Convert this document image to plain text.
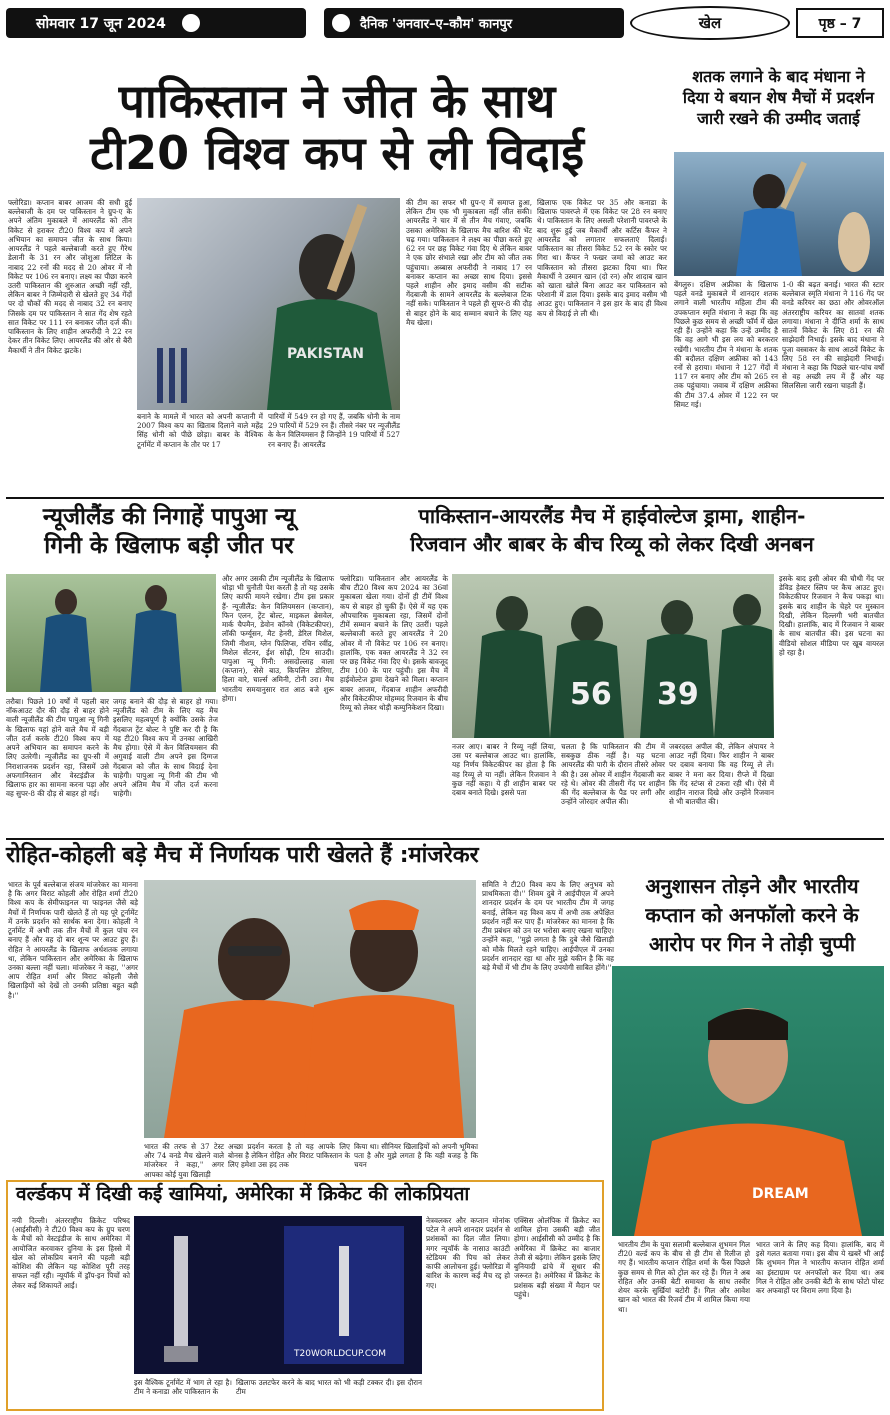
सोमवार 17 जून 2024	दैनिक 'अनवार–ए–कौम' कानपुर	खेल	पृष्ठ – 7
पाकिस्तान ने जीत के साथ
टी20 विश्व कप से ली विदाई
फ्लोरिडा। कप्तान बाबर आजम की सधी हुई बल्लेबाजी के दम पर पाकिस्तान ने ग्रुप-ए के अपने अंतिम मुकाबले में आयरलैंड को तीन विकेट से हराकर टी20 विश्व कप में अपने अभियान का समापन जीत के साथ किया। आयरलैंड ने पहले बल्लेबाजी करते हुए गैरेथ डेलानी के 31 रन और जोशुआ लिटिल के नाबाद 22 रनों की मदद से 20 ओवर में नौ विकेट पर 106 रन बनाए। लक्ष्य का पीछा करने उतरी पाकिस्तान की शुरुआत अच्छी नहीं रही, लेकिन बाबर ने जिम्मेदारी से खेलते हुए 34 गेंदों पर दो चौकों की मदद से नाबाद 32 रन बनाए जिसके दम पर पाकिस्तान ने सात गेंद शेष रहते सात विकेट पर 111 रन बनाकर जीत दर्ज की। पाकिस्तान के लिए शाहीन अफरीदी ने 22 रन देकर तीन विकेट लिए। आयरलैंड की ओर से बैरी मैकार्थी ने तीन विकेट झटके।	PAKISTAN
बनाने के मामले में भारत को अपनी कप्तानी में 2007 विश्व कप का खिताब दिलाने वाले महेंद्र सिंह धोनी को पीछे छोड़ा। बाबर के वैश्विक टूर्नामेंट में कप्तान के तौर पर 17
पारियों में 549 रन हो गए हैं, जबकि धोनी के नाम 29 पारियों में 529 रन हैं। तीसरे नंबर पर न्यूजीलैंड के केन विलियमसन हैं जिन्होंने 19 पारियों में 527 रन बनाए हैं। आयरलैंड
की टीम का सफर भी ग्रुप-ए में समाप्त हुआ, लेकिन टीम एक भी मुकाबला नहीं जीत सकी। आयरलैंड ने चार में से तीन मैच गंवाए, जबकि उसका अमेरिका के खिलाफ मैच बारिश की भेंट चढ़ गया। पाकिस्तान ने लक्ष्य का पीछा करते हुए 62 रन पर छह विकेट गंवा दिए थे लेकिन बाबर ने एक छोर संभाले रखा और टीम को जीत तक पहुंचाया। अब्बास अफरीदी ने नाबाद 17 रन बनाकर कप्तान का अच्छा साथ दिया। इससे पहले शाहीन और इमाद वसीम की सटीक गेंदबाजी के सामने आयरलैंड के बल्लेबाज टिक नहीं सके। पाकिस्तान ने पहले ही सुपर-8 की दौड़ से बाहर होने के बाद सम्मान बचाने के लिए यह मैच खेला।
खिलाफ एक विकेट पर 35 और कनाडा के खिलाफ पावरप्ले में एक विकेट पर 28 रन बनाए थे। पाकिस्तान के लिए असली परेशानी पावरप्ले के बाद शुरू हुई जब मैकार्थी और कर्टिस कैंफर ने आयरलैंड को लगातार सफलताएं दिलाईं। पाकिस्तान का तीसरा विकेट 52 रन के स्कोर पर गिरा था। कैंफर ने फखर जमां को आउट कर पाकिस्तान को तीसरा झटका दिया था। फिर मैकार्थी ने उस्मान खान (दो रन) और शादाब खान को खाता खोले बिना आउट कर पाकिस्तान को परेशानी में डाल दिया। इसके बाद इमाद वसीम भी आउट हुए। पाकिस्तान ने इस हार के बाद ही विश्व कप से विदाई ले ली थी।
शतक लगाने के बाद मंधाना ने
दिया ये बयान शेष मैचों में प्रदर्शन
जारी रखने की उम्मीद जताई
बेंगलुरु। दक्षिण अफ्रीका के खिलाफ पहले वनडे मुकाबले में शानदार शतक लगाने वाली भारतीय महिला टीम की उपकप्तान स्मृति मंधाना ने कहा कि वह पिछले कुछ समय से अच्छी फॉर्म में खेल रही हैं। उन्होंने कहा कि उन्हें उम्मीद है कि वह आगे भी इस लय को बरकरार रखेंगी। भारतीय टीम ने मंधाना के शतक की बदौलत दक्षिण अफ्रीका को 143 रनों से हराया। मंधाना ने 127 गेंदों में 117 रन बनाए और टीम को 265 रन तक पहुंचाया। जवाब में दक्षिण अफ्रीका की टीम 37.4 ओवर में 122 रन पर सिमट गई।
1-0 की बढ़त बनाई। भारत की स्टार बल्लेबाज स्मृति मंधाना ने 116 गेंद पर वनडे करियर का छठा और ओवरऑल अंतरराष्ट्रीय करियर का सातवां शतक लगाया। मंधाना ने दीप्ति शर्मा के साथ सातवें विकेट के लिए 81 रन की साझेदारी निभाई। इसके बाद मंधाना ने पूजा वस्त्राकर के साथ आठवें विकेट के लिए 58 रन की साझेदारी निभाई। मंधाना ने कहा कि पिछले चार-पांच वर्षों से वह अच्छी लय में हैं और यह सिलसिला जारी रखना चाहती हैं।
न्यूजीलैंड की निगाहें पापुआ न्यू
गिनी के खिलाफ बड़ी जीत पर
तरौबा। पिछले 10 वर्षों में पहली बार नॉकआउट दौर की दौड़ से बाहर होने वाली न्यूजीलैंड की टीम पापुआ न्यू गिनी के खिलाफ यहां होने वाले मैच में बड़ी जीत दर्ज करके टी20 विश्व कप में अपने अभियान का समापन करने के लिए उतरेगी। न्यूजीलैंड का ग्रुप-सी में निराशाजनक प्रदर्शन रहा, जिसमें उसे अफगानिस्तान और वेस्टइंडीज के खिलाफ हार का सामना करना पड़ा और वह सुपर-8 की दौड़ से बाहर हो गई।
जगह बनाने की दौड़ से बाहर हो गया। न्यूजीलैंड को टीम के लिए यह मैच इसलिए महत्वपूर्ण है क्योंकि उसके तेज गेंदबाज ट्रेंट बोल्ट ने पुष्टि कर दी है कि यह टी20 विश्व कप में उनका आखिरी मैच होगा। ऐसे में केन विलियमसन की अगुवाई वाली टीम अपने इस दिग्गज गेंदबाज को जीत के साथ विदाई देना चाहेगी। पापुआ न्यू गिनी की टीम भी अपने अंतिम मैच में जीत दर्ज करना चाहेगी।
और अगर उसकी टीम न्यूजीलैंड के खिलाफ थोड़ा भी चुनौती पेश करती है तो यह उसके लिए काफी मायने रखेगा। टीम इस प्रकार हैं- न्यूजीलैंड: केन विलियमसन (कप्तान), फिन एलन, ट्रेंट बोल्ट, माइकल ब्रेसवेल, मार्क चैपमैन, डेवोन कॉनवे (विकेटकीपर), लॉकी फर्ग्यूसन, मैट हेनरी, डेरिल मिशेल, जिमी नीशम, ग्लेन फिलिप्स, रचिन रवींद्र, मिशेल सेंटनर, ईश सोढ़ी, टिम साउदी। पापुआ न्यू गिनी: असदोल्लाह वाला (कप्तान), सेसे बाउ, किपलिन डोरिगा, हिला वारे, चार्ल्स अमिनी, टोनी उरा। मैच भारतीय समयानुसार रात आठ बजे शुरू होगा।
पाकिस्तान-आयरलैंड मैच में हाईवोल्टेज ड्रामा, शाहीन-
रिजवान और बाबर के बीच रिव्यू को लेकर दिखी अनबन
फ्लोरिडा। पाकिस्तान और आयरलैंड के बीच टी20 विश्व कप 2024 का 36वां मुकाबला खेला गया। दोनों ही टीमें विश्व कप से बाहर हो चुकी हैं। ऐसे में यह एक औपचारिक मुकाबला रहा, जिसमें दोनों टीमें सम्मान बचाने के लिए उतरीं। पहले बल्लेबाजी करते हुए आयरलैंड ने 20 ओवर में नौ विकेट पर 106 रन बनाए। हालांकि, एक वक्त आयरलैंड ने 32 रन पर छह विकेट गंवा दिए थे। इसके बावजूद टीम 100 के पार पहुंची। इस मैच में हाईवोल्टेज ड्रामा देखने को मिला। कप्तान बाबर आजम, गेंदबाज शाहीन अफरीदी और विकेटकीपर मोहम्मद रिजवान के बीच रिव्यू को लेकर थोड़ी कम्युनिकेशन दिखा।	56 39
नजर आए। बाबर ने रिव्यू नहीं लिया, उस पर बल्लेबाज आउट था। हालांकि, यह निर्णय विकेटकीपर का होता है कि वह रिव्यू ले या नहीं। लेकिन रिजवान ने कुछ नहीं कहा। ये ही शाहीन बाबर पर दबाव बनाते दिखे। इससे पता
चलता है कि पाकिस्तान की टीम में सबकुछ ठीक नहीं है। यह घटना आयरलैंड की पारी के दौरान तीसरे ओवर की है। उस ओवर में शाहीन गेंदबाजी कर रहे थे। ओवर की तीसरी गेंद पर शाहीन की गेंद बल्लेबाज के पैड पर लगी और उन्होंने जोरदार अपील की।
जबरदस्त अपील की, लेकिन अंपायर ने आउट नहीं दिया। फिर शाहीन ने बाबर पर दबाव बनाया कि वह रिव्यू ले लें। बाबर ने मना कर दिया। रीप्ले में दिखा कि गेंद स्टंप्स से टकरा रही थी। ऐसे में शाहीन नाराज दिखे और उन्होंने रिजवान से भी बातचीत की।
इसके बाद इसी ओवर की चौथी गेंद पर डेविड हेक्टर स्लिप पर कैच आउट हुए। विकेटकीपर रिजवान ने कैच पकड़ा था। इसके बाद शाहीन के चेहरे पर मुस्कान दिखी, लेकिन दिल्लगी भरी बातचीत दिखी। हालांकि, बाद में रिजवान ने बाबर के साथ बातचीत की। इस घटना का वीडियो सोशल मीडिया पर खूब वायरल हो रहा है।
रोहित-कोहली बड़े मैच में निर्णायक पारी खेलते हैं :मांजरेकर
भारत के पूर्व बल्लेबाज संजय मांजरेकर का मानना है कि अगर विराट कोहली और रोहित शर्मा टी20 विश्व कप के सेमीफाइनल या फाइनल जैसे बड़े मैचों में निर्णायक पारी खेलते हैं तो यह पूरे टूर्नामेंट में उनके प्रदर्शन को सार्थक बना देगा। कोहली ने टूर्नामेंट में अभी तक तीन मैचों में कुल पांच रन बनाए हैं और वह दो बार शून्य पर आउट हुए हैं। रोहित ने आयरलैंड के खिलाफ अर्धशतक लगाया था, लेकिन पाकिस्तान और अमेरिका के खिलाफ उनका बल्ला नहीं चला। मांजरेकर ने कहा, ''अगर आप रोहित शर्मा और विराट कोहली जैसे खिलाड़ियों को देखें तो उनकी प्रतिष्ठा बहुत बड़ी है।''
भारत की तरफ से 37 टेस्ट और 74 वनडे मैच खेलने वाले मांजरेकर ने कहा,'' अगर आपका कोई युवा खिलाड़ी
अच्छा प्रदर्शन करता है तो यह आपके लिए बोनस है लेकिन रोहित और विराट पाकिस्तान के लिए हमेशा उस हद तक
किया था। सीनियर खिलाड़ियों को अपनी भूमिका पता है और मुझे लगता है कि यही वजह है कि चयन
समिति ने टी20 विश्व कप के लिए अनुभव को प्राथमिकता दी।'' शिवम दुबे ने आईपीएल में अपने शानदार प्रदर्शन के दम पर भारतीय टीम में जगह बनाई, लेकिन वह विश्व कप में अभी तक अपेक्षित प्रदर्शन नहीं कर पाए हैं। मांजरेकर का मानना है कि टीम प्रबंधन को उन पर भरोसा बनाए रखना चाहिए। उन्होंने कहा, ''मुझे लगता है कि दुबे जैसे खिलाड़ी को मौके मिलते रहने चाहिए। आईपीएल में उनका प्रदर्शन शानदार रहा था और मुझे यकीन है कि वह बड़े मैचों में भी टीम के लिए उपयोगी साबित होंगे।''
अनुशासन तोड़ने और भारतीय
कप्तान को अनफॉलो करने के
आरोप पर गिन ने तोड़ी चुप्पी
DREAM
भारतीय टीम के युवा सलामी बल्लेबाज शुभमन गिल टी20 वर्ल्ड कप के बीच से ही टीम से रिलीज हो गए हैं। भारतीय कप्तान रोहित शर्मा के फैंस पिछले कुछ समय से गिल को ट्रोल कर रहे हैं। गिल ने अब रोहित और उनकी बेटी समायरा के साथ तस्वीर शेयर करके सुर्खियां बटोरी हैं। गिल और आवेश खान को भारत की रिजर्व टीम में शामिल किया गया था।
भारत जाने के लिए कह दिया। हालांकि, बाद में इसे गलत बताया गया। इस बीच ये खबरें भी आईं कि शुभमन गिल ने भारतीय कप्तान रोहित शर्मा का इंस्टाग्राम पर अनफॉलो कर दिया था। अब गिल ने रोहित और उनकी बेटी के साथ फोटो पोस्ट कर अफवाहों पर विराम लगा दिया है।
वर्ल्डकप में दिखी कई खामियां, अमेरिका में क्रिकेट की लोकप्रियता
नयी दिल्ली। अंतरराष्ट्रीय क्रिकेट परिषद (आईसीसी) ने टी20 विश्व कप के ग्रुप चरण के मैचों को वेस्टइंडीज के साथ अमेरिका में आयोजित करवाकर दुनिया के इस हिस्से में खेल को लोकप्रिय बनाने की पहली बड़ी कोशिश की लेकिन यह कोशिश पूरी तरह सफल नहीं रही। न्यूयॉर्क में ड्रॉप-इन पिचों को लेकर कई शिकायतें आईं।
T20WORLDCUP.COM
इस वैश्विक टूर्नामेंट में भाग ले रहा है। टीम ने कनाडा और पाकिस्तान के
खिलाफ उलटफेर करने के बाद भारत को भी कड़ी टक्कर दी। इस दौरान टीम
नेत्रवलकर और कप्तान मोनांक पटेल ने अपने शानदार प्रदर्शन से प्रशंसकों का दिल जीत लिया। मगर न्यूयॉर्क के नासाउ काउंटी स्टेडियम की पिच को लेकर काफी आलोचना हुई। फ्लोरिडा में बारिश के कारण कई मैच रद्द हो गए।
एक्सिस ओलंपिक में क्रिकेट का शामिल होना उसकी बड़ी जीत होगा। आईसीसी को उम्मीद है कि अमेरिका में क्रिकेट का बाजार तेजी से बढ़ेगा। लेकिन इसके लिए बुनियादी ढांचे में सुधार की जरूरत है। अमेरिका में क्रिकेट के प्रशंसक बड़ी संख्या में मैदान पर पहुंचे।
